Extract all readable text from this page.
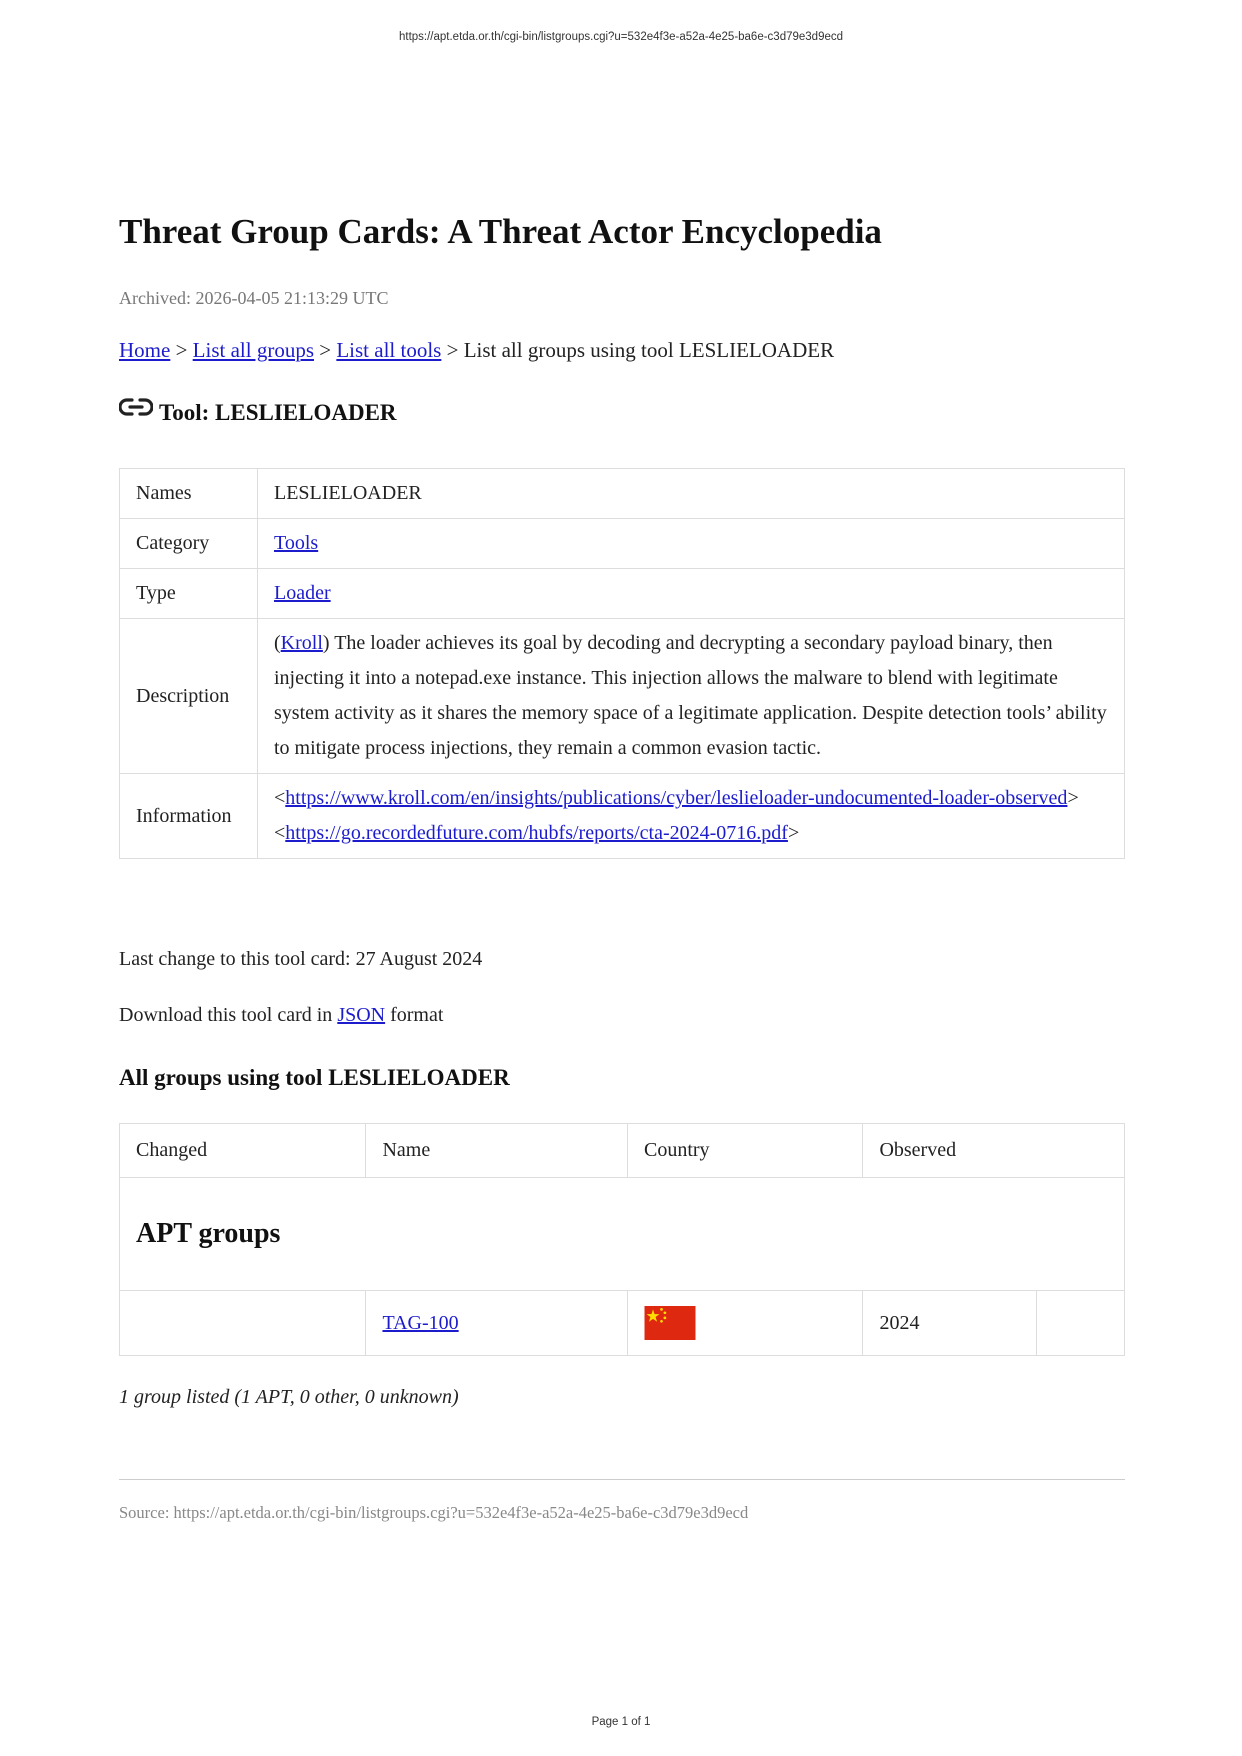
https://apt.etda.or.th/cgi-bin/listgroups.cgi?u=532e4f3e-a52a-4e25-ba6e-c3d79e3d9ecd
Threat Group Cards: A Threat Actor Encyclopedia
Archived: 2026-04-05 21:13:29 UTC
Home > List all groups > List all tools > List all groups using tool LESLIELOADER
Tool: LESLIELOADER
Names	LESLIELOADER
Category	Tools
Type	Loader
Description	(Kroll) The loader achieves its goal by decoding and decrypting a secondary payload binary, then injecting it into a notepad.exe instance. This injection allows the malware to blend with legitimate system activity as it shares the memory space of a legitimate application. Despite detection tools’ ability to mitigate process injections, they remain a common evasion tactic.
Information	<https://www.kroll.com/en/insights/publications/cyber/leslieloader-undocumented-loader-observed>
<https://go.recordedfuture.com/hubfs/reports/cta-2024-0716.pdf>
Last change to this tool card: 27 August 2024
Download this tool card in JSON format
All groups using tool LESLIELOADER
Changed	Name	Country	Observed	
APT groups				
	TAG-100		2024	
1 group listed (1 APT, 0 other, 0 unknown)
Source: https://apt.etda.or.th/cgi-bin/listgroups.cgi?u=532e4f3e-a52a-4e25-ba6e-c3d79e3d9ecd
Page 1 of 1
